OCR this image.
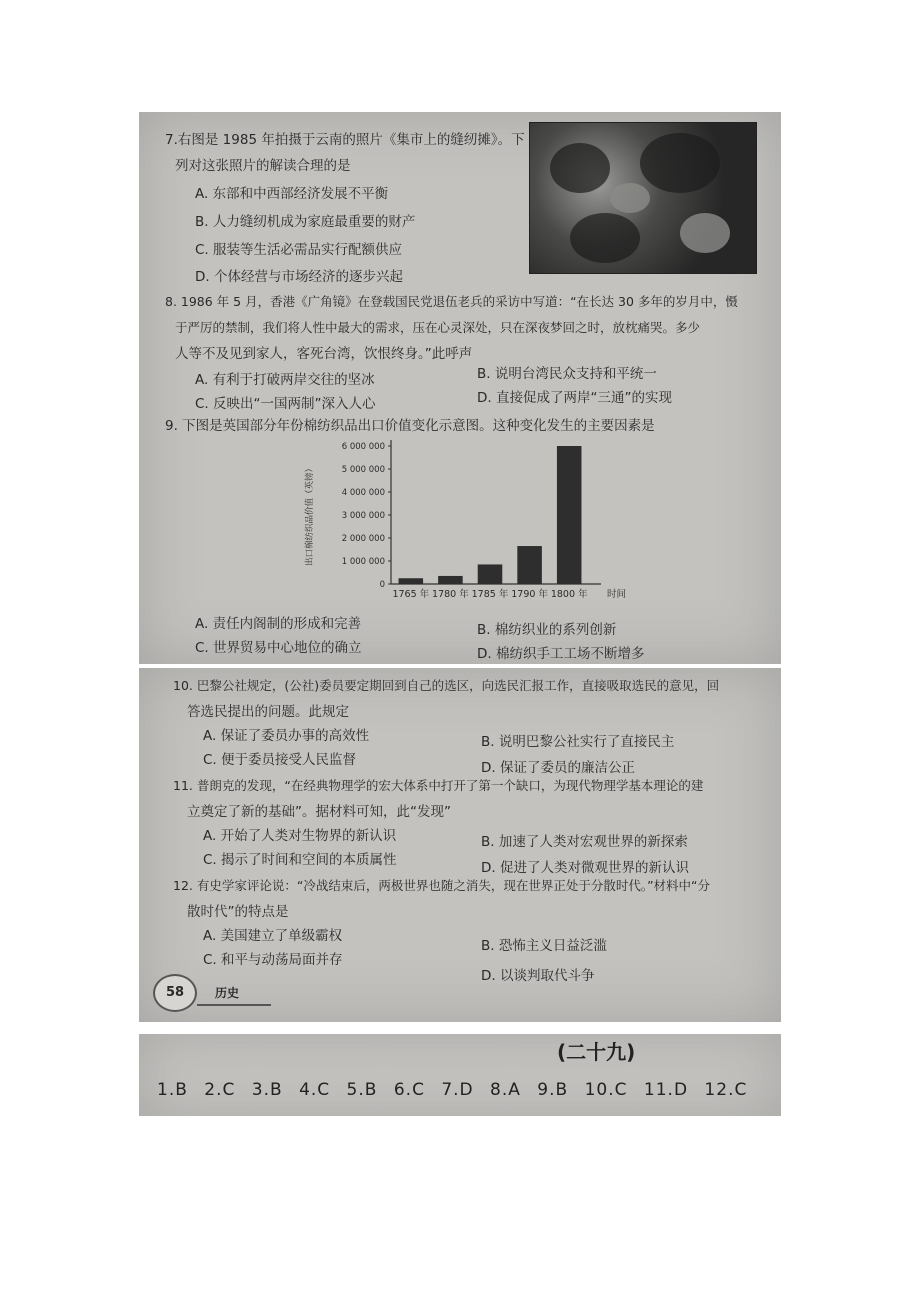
7.右图是 1985 年拍摄于云南的照片《集市上的缝纫摊》。下
列对这张照片的解读合理的是
A. 东部和中西部经济发展不平衡
B. 人力缝纫机成为家庭最重要的财产
C. 服装等生活必需品实行配额供应
D. 个体经营与市场经济的逐步兴起
8. 1986 年 5 月，香港《广角镜》在登载国民党退伍老兵的采访中写道：“在长达 30 多年的岁月中，慑
于严厉的禁制，我们将人性中最大的需求，压在心灵深处，只在深夜梦回之时，放枕痛哭。多少
人等不及见到家人，客死台湾，饮恨终身。”此呼声
A. 有利于打破两岸交往的坚冰	B. 说明台湾民众支持和平统一
C. 反映出“一国两制”深入人心	D. 直接促成了两岸“三通”的实现
9. 下图是英国部分年份棉纺织品出口价值变化示意图。这种变化发生的主要因素是
0
1 000 000
2 000 000
3 000 000
4 000 000
5 000 000
6 000 000
出口棉纺织品价值（英镑）
1765 年 1780 年 1785 年 1790 年 1800 年 时间
A. 责任内阁制的形成和完善	B. 棉纺织业的系列创新
C. 世界贸易中心地位的确立	D. 棉纺织手工工场不断增多
10. 巴黎公社规定，(公社)委员要定期回到自己的选区，向选民汇报工作，直接吸取选民的意见，回
答选民提出的问题。此规定
A. 保证了委员办事的高效性	B. 说明巴黎公社实行了直接民主
C. 便于委员接受人民监督	D. 保证了委员的廉洁公正
11. 普朗克的发现，“在经典物理学的宏大体系中打开了第一个缺口，为现代物理学基本理论的建
立奠定了新的基础”。据材料可知，此“发现”
A. 开始了人类对生物界的新认识	B. 加速了人类对宏观世界的新探索
C. 揭示了时间和空间的本质属性	D. 促进了人类对微观世界的新认识
12. 有史学家评论说：“冷战结束后，两极世界也随之消失，现在世界正处于分散时代。”材料中“分
散时代”的特点是
A. 美国建立了单级霸权
B. 恐怖主义日益泛滥
C. 和平与动荡局面并存
D. 以谈判取代斗争
58	历史
(二十九)
1.B 2.C 3.B 4.C 5.B 6.C 7.D 8.A 9.B 10.C 11.D 12.C
